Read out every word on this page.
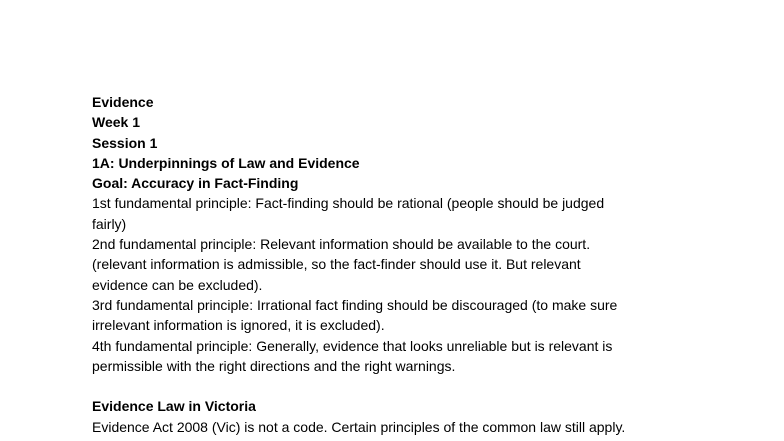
Evidence

Week 1

Session 1

1A: Underpinnings of Law and Evidence

Goal: Accuracy in Fact-Finding

1st fundamental principle: Fact-finding should be rational (people should be judged

fairly)

2nd fundamental principle: Relevant information should be available to the court.

(relevant information is admissible, so the fact-finder should use it. But relevant

evidence can be excluded).

3rd fundamental principle: Irrational fact finding should be discouraged (to make sure

irrelevant information is ignored, it is excluded).

4th fundamental principle: Generally, evidence that looks unreliable but is relevant is

permissible with the right directions and the right warnings.

Evidence Law in Victoria

Evidence Act 2008 (Vic) is not a code. Certain principles of the common law still apply.
